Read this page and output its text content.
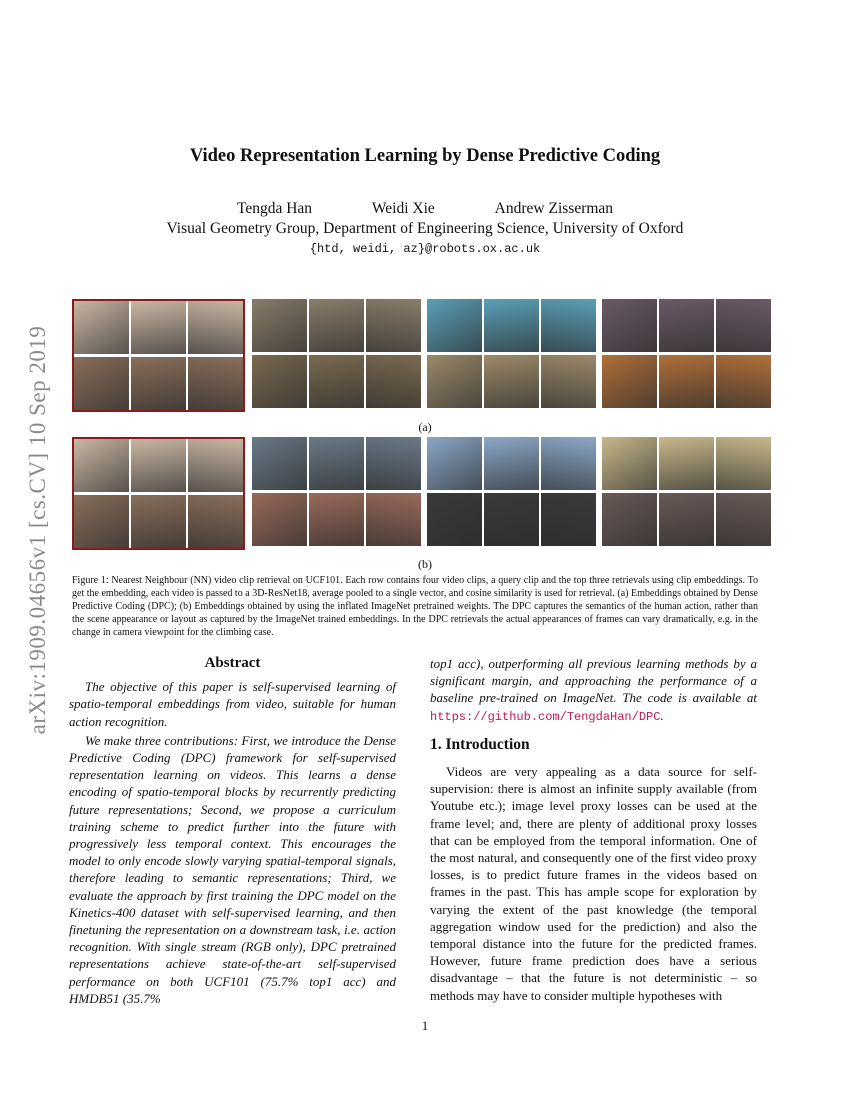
arXiv:1909.04656v1 [cs.CV] 10 Sep 2019
Video Representation Learning by Dense Predictive Coding
Tengda Han	Weidi Xie	Andrew Zisserman
Visual Geometry Group, Department of Engineering Science, University of Oxford
{htd, weidi, az}@robots.ox.ac.uk
(a)
(b)
Figure 1: Nearest Neighbour (NN) video clip retrieval on UCF101. Each row contains four video clips, a query clip and the top three retrievals using clip embeddings. To get the embedding, each video is passed to a 3D-ResNet18, average pooled to a single vector, and cosine similarity is used for retrieval. (a) Embeddings obtained by Dense Predictive Coding (DPC); (b) Embeddings obtained by using the inflated ImageNet pretrained weights. The DPC captures the semantics of the human action, rather than the scene appearance or layout as captured by the ImageNet trained embeddings. In the DPC retrievals the actual appearances of frames can vary dramatically, e.g. in the change in camera viewpoint for the climbing case.
Abstract

The objective of this paper is self-supervised learning of spatio-temporal embeddings from video, suitable for human action recognition.

We make three contributions: First, we introduce the Dense Predictive Coding (DPC) framework for self-supervised representation learning on videos. This learns a dense encoding of spatio-temporal blocks by recurrently predicting future representations; Second, we propose a curriculum training scheme to predict further into the future with progressively less temporal context. This encourages the model to only encode slowly varying spatial-temporal signals, therefore leading to semantic representations; Third, we evaluate the approach by first training the DPC model on the Kinetics-400 dataset with self-supervised learning, and then finetuning the representation on a downstream task, i.e. action recognition. With single stream (RGB only), DPC pretrained representations achieve state-of-the-art self-supervised performance on both UCF101 (75.7% top1 acc) and HMDB51 (35.7%

top1 acc), outperforming all previous learning methods by a significant margin, and approaching the performance of a baseline pre-trained on ImageNet. The code is available at https://github.com/TengdaHan/DPC.

1. Introduction

Videos are very appealing as a data source for self-supervision: there is almost an infinite supply available (from Youtube etc.); image level proxy losses can be used at the frame level; and, there are plenty of additional proxy losses that can be employed from the temporal information. One of the most natural, and consequently one of the first video proxy losses, is to predict future frames in the videos based on frames in the past. This has ample scope for exploration by varying the extent of the past knowledge (the temporal aggregation window used for the prediction) and also the temporal distance into the future for the predicted frames. However, future frame prediction does have a serious disadvantage – that the future is not deterministic – so methods may have to consider multiple hypotheses with

1
